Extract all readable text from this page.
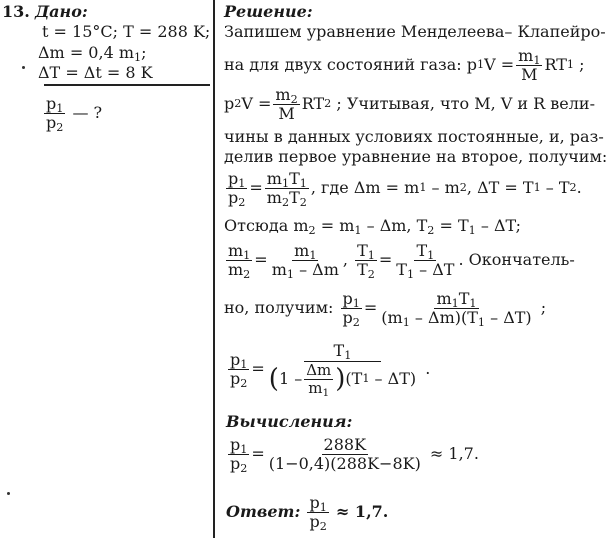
13. Дано:
t = 15°C; T = 288 K;
Δm = 0,4 $m_1$;
ΔT = Δt = 8 K
$\frac{p_1}{p_2}$ — ?
Решение:
Запишем уравнение Менделеева– Клапейро-
на для двух состояний газа: p 1 $V = \frac{m_1}{M}$ RT 1 ;
p 2 $V = \frac{m_2}{M}$ RT 2
; Учитывая, что M, V и R вели-
чины в данных условиях постоянные, и, раз-
делив первое уравнение на второе, получим:
$\frac{p_1}{p_2} = \frac{m_1T_1}{m_2T_2}$ , где Δm = m 1 – m 2 , ΔT = T 1 – T 2 .
Отсюда $m_2 = m_1 - \Delta m$, $T_2 = T_1 - \Delta T$;
$\frac{m_1}{m_2} = \frac{m_1}{m_1 - \Delta m}$ , $\frac{T_1}{T_2} = \frac{T_1}{T_1 - \Delta T}$ . Окончатель-
но, получим:
$\frac{p_1}{p_2} = \frac{m_1T_1}{(m_1 - \Delta m)(T_1 - \Delta T)}$ ;
$\frac{p_1}{p_2} = \frac{T_1}{( 1 - \frac{\Delta m}{m_1} ) (T 1 - \Delta T)}$ .
Вычисления:
$\frac{p_1}{p_2} = \frac{288K}{(1-0,4)(288K-8K)}$
≈ 1,7.
Ответ:
$\frac{p_1}{p_2}$
≈ 1,7.
